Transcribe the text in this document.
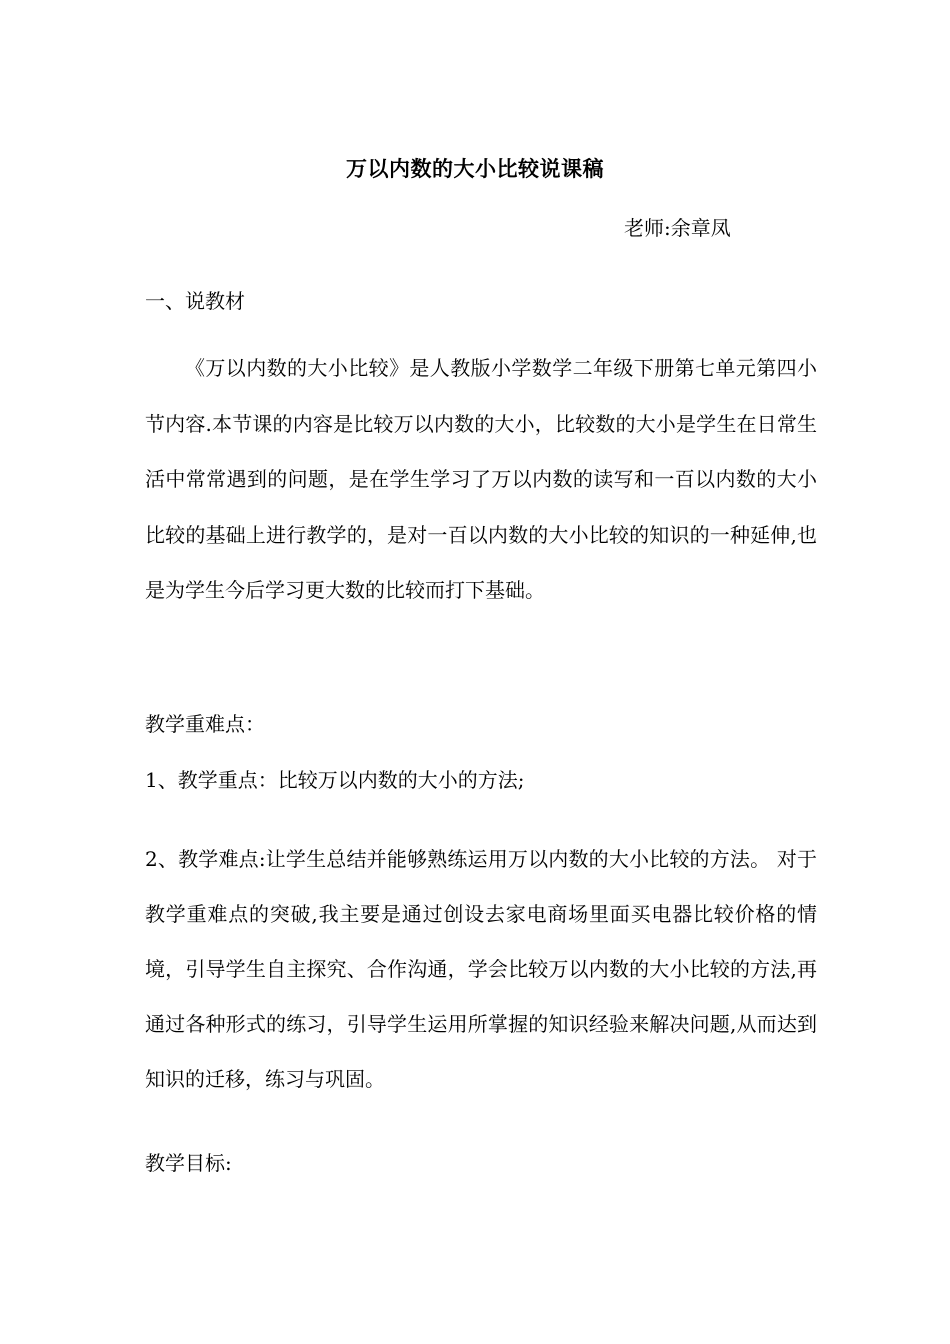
万以内数的大小比较说课稿
老师:余章凤
一、说教材
《万以内数的大小比较》是人教版小学数学二年级下册第七单元第四小节内容.本节课的内容是比较万以内数的大小，比较数的大小是学生在日常生活中常常遇到的问题，是在学生学习了万以内数的读写和一百以内数的大小比较的基础上进行教学的，是对一百以内数的大小比较的知识的一种延伸,也是为学生今后学习更大数的比较而打下基础。
教学重难点：
1、教学重点：比较万以内数的大小的方法;
2、教学难点:让学生总结并能够熟练运用万以内数的大小比较的方法。 对于教学重难点的突破,我主要是通过创设去家电商场里面买电器比较价格的情境，引导学生自主探究、合作沟通，学会比较万以内数的大小比较的方法,再通过各种形式的练习，引导学生运用所掌握的知识经验来解决问题,从而达到知识的迁移，练习与巩固。
教学目标:
